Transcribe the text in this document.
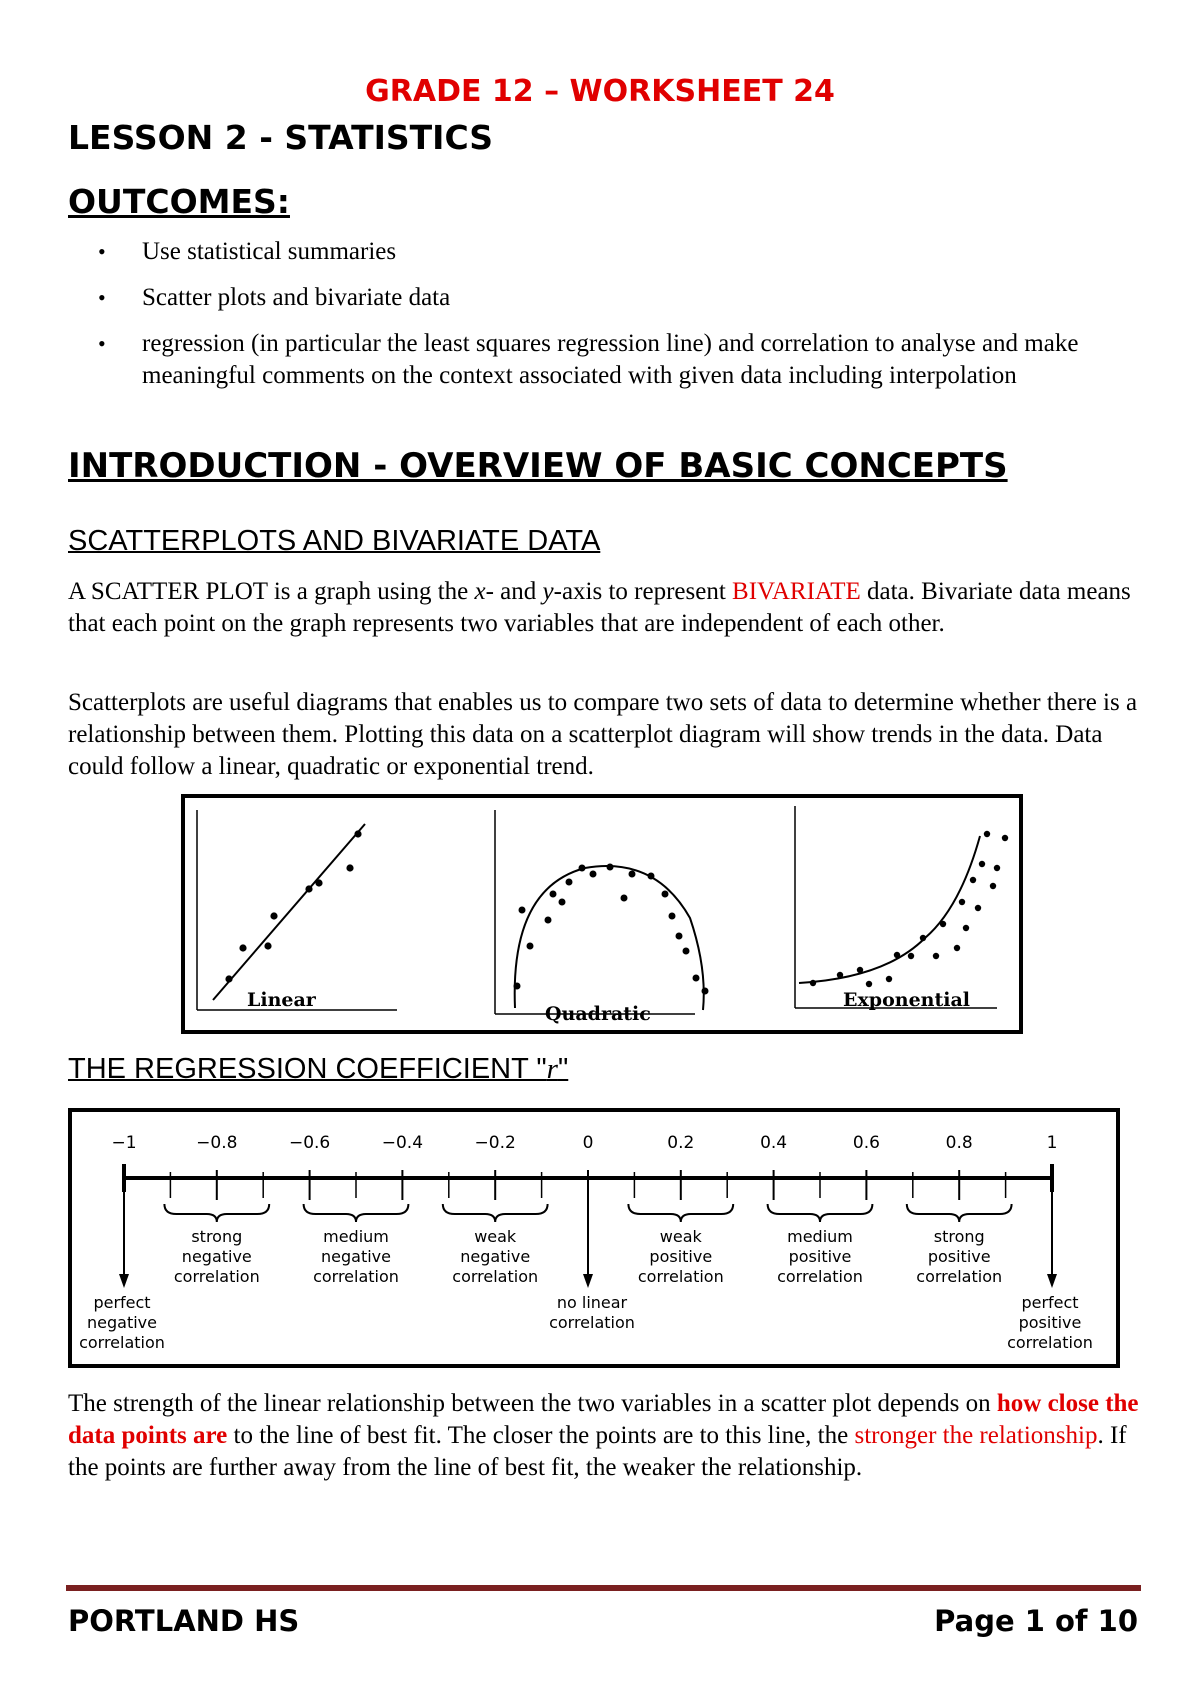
GRADE 12 – WORKSHEET 24
LESSON 2 - STATISTICS
OUTCOMES:
• Use statistical summaries
• Scatter plots and bivariate data
• regression (in particular the least squares regression line) and correlation to analyse and make meaningful comments on the context associated with given data including interpolation
INTRODUCTION - OVERVIEW OF BASIC CONCEPTS
SCATTERPLOTS AND BIVARIATE DATA

A SCATTER PLOT is a graph using the x- and y-axis to represent BIVARIATE data. Bivariate data means that each point on the graph represents two variables that are independent of each other.

Scatterplots are useful diagrams that enables us to compare two sets of data to determine whether there is a relationship between them. Plotting this data on a scatterplot diagram will show trends in the data. Data could follow a linear, quadratic or exponential trend.

Linear
Quadratic
Exponential
THE REGRESSION COEFFICIENT "r"
−1	−0.8	−0.6	−0.4	−0.2	0	0.2	0.4	0.6	0.8	1
strong
negative
correlation
medium
negative
correlation
weak
negative
correlation
weak
positive
correlation
medium
positive
correlation
strong
positive
correlation
perfect
negative
correlation
no linear
correlation
perfect
positive
correlation

The strength of the linear relationship between the two variables in a scatter plot depends on how close the data points are to the line of best fit. The closer the points are to this line, the stronger the relationship. If the points are further away from the line of best fit, the weaker the relationship.

PORTLAND HS	Page 1 of 10
